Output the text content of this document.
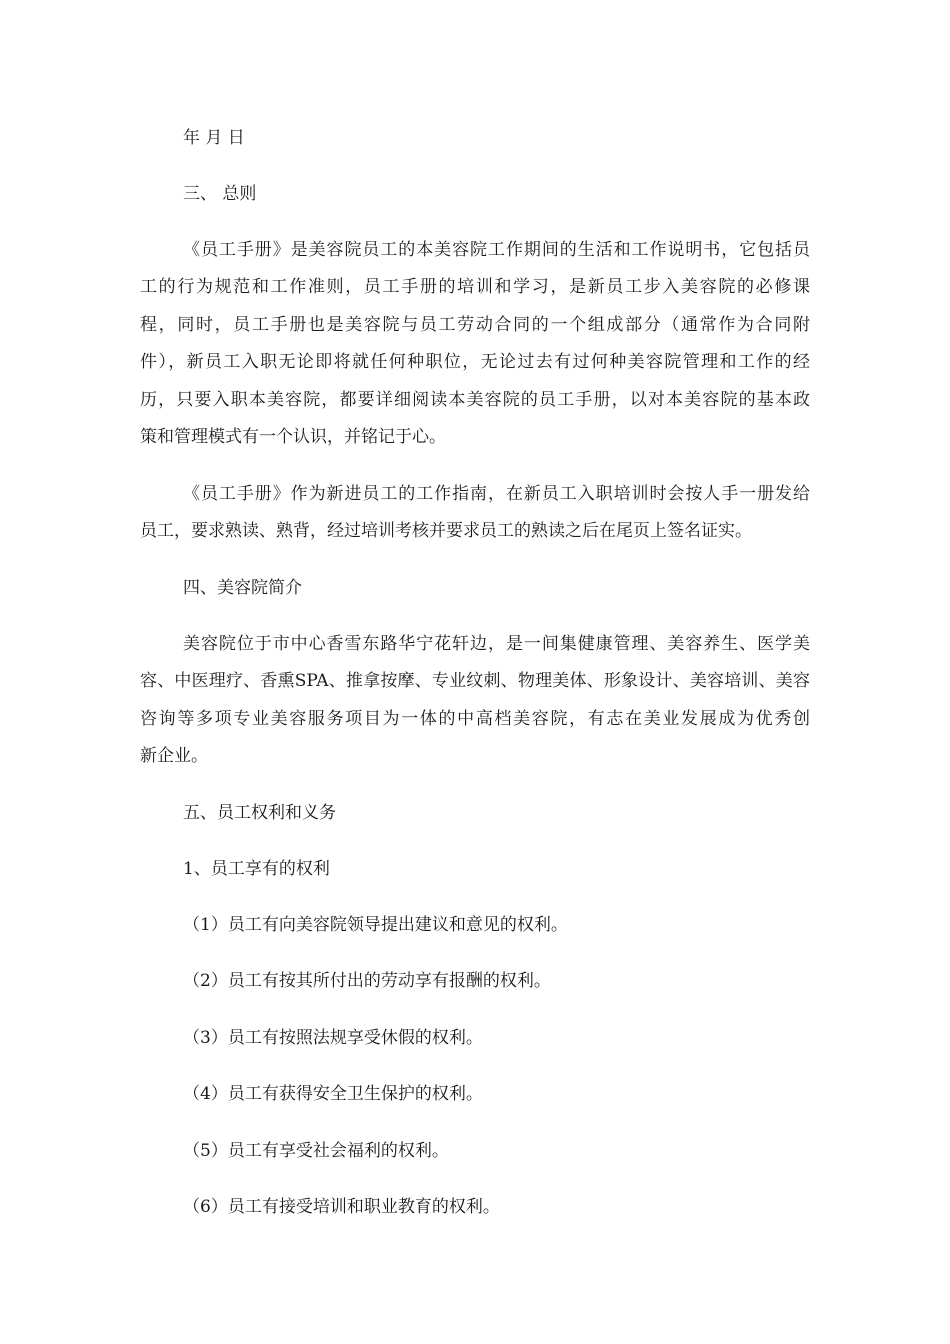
年 月 日
三、 总则
《员工手册》是美容院员工的本美容院工作期间的生活和工作说明书，它包括员
工的行为规范和工作准则，员工手册的培训和学习，是新员工步入美容院的必修课
程，同时，员工手册也是美容院与员工劳动合同的一个组成部分（通常作为合同附
件），新员工入职无论即将就任何种职位，无论过去有过何种美容院管理和工作的经
历，只要入职本美容院，都要详细阅读本美容院的员工手册，以对本美容院的基本政
策和管理模式有一个认识，并铭记于心。
《员工手册》作为新进员工的工作指南，在新员工入职培训时会按人手一册发给
员工，要求熟读、熟背，经过培训考核并要求员工的熟读之后在尾页上签名证实。
四、美容院简介
美容院位于市中心香雪东路华宁花轩边，是一间集健康管理、美容养生、医学美
容、中医理疗、香熏SPA、推拿按摩、专业纹刺、物理美体、形象设计、美容培训、美容
咨询等多项专业美容服务项目为一体的中高档美容院，有志在美业发展成为优秀创
新企业。
五、员工权利和义务
1、员工享有的权利
（1）员工有向美容院领导提出建议和意见的权利。
（2）员工有按其所付出的劳动享有报酬的权利。
（3）员工有按照法规享受休假的权利。
（4）员工有获得安全卫生保护的权利。
（5）员工有享受社会福利的权利。
（6）员工有接受培训和职业教育的权利。
